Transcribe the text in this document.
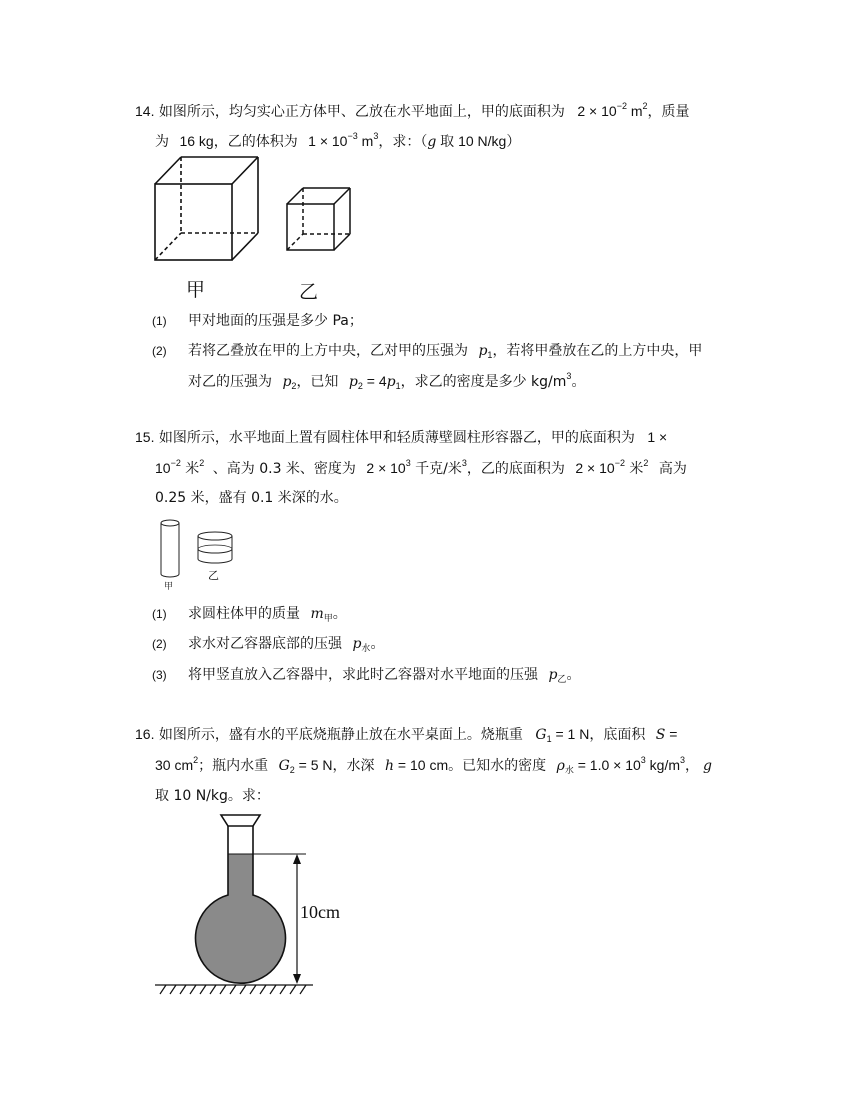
14. 如图所示，均匀实心正方体甲、乙放在水平地面上，甲的底面积为 $2 \times 10^{-2}$ $m^2$，质量
为 16 kg，乙的体积为 $1 \times 10^{-3}$ $m^3$，求：（g 取 10 N/kg）
甲	乙
(1) 甲对地面的压强是多少 Pa；
(2) 若将乙叠放在甲的上方中央，乙对甲的压强为 $p_1$，若将甲叠放在乙的上方中央，甲
对乙的压强为 $p_2$，已知 $p_2 = 4p_1$，求乙的密度是多少 $kg/m^3$。
15. 如图所示，水平地面上置有圆柱体甲和轻质薄壁圆柱形容器乙，甲的底面积为 1 ×
$10^{-2}$ 米$^2$ 、高为 0.3 米、密度为 $2 \times 10^3$ 千克/米$^3$，乙的底面积为 $2 \times 10^{-2}$ 米$^2$ 高为
0.25 米，盛有 0.1 米深的水。
甲
乙
(1) 求圆柱体甲的质量 $m_甲$。
(2) 求水对乙容器底部的压强 $p_水$。
(3) 将甲竖直放入乙容器中，求此时乙容器对水平地面的压强 $p_乙$。
16. 如图所示，盛有水的平底烧瓶静止放在水平桌面上。烧瓶重 $G_1 = 1$ N，底面积 S =
30 $cm^2$；瓶内水重 $G_2 = 5$ N，水深 h = 10 cm。已知水的密度 $\rho_水 = 1.0 \times 10^3$ $kg/m^3$， g
取 10 N/kg。求：
10cm
